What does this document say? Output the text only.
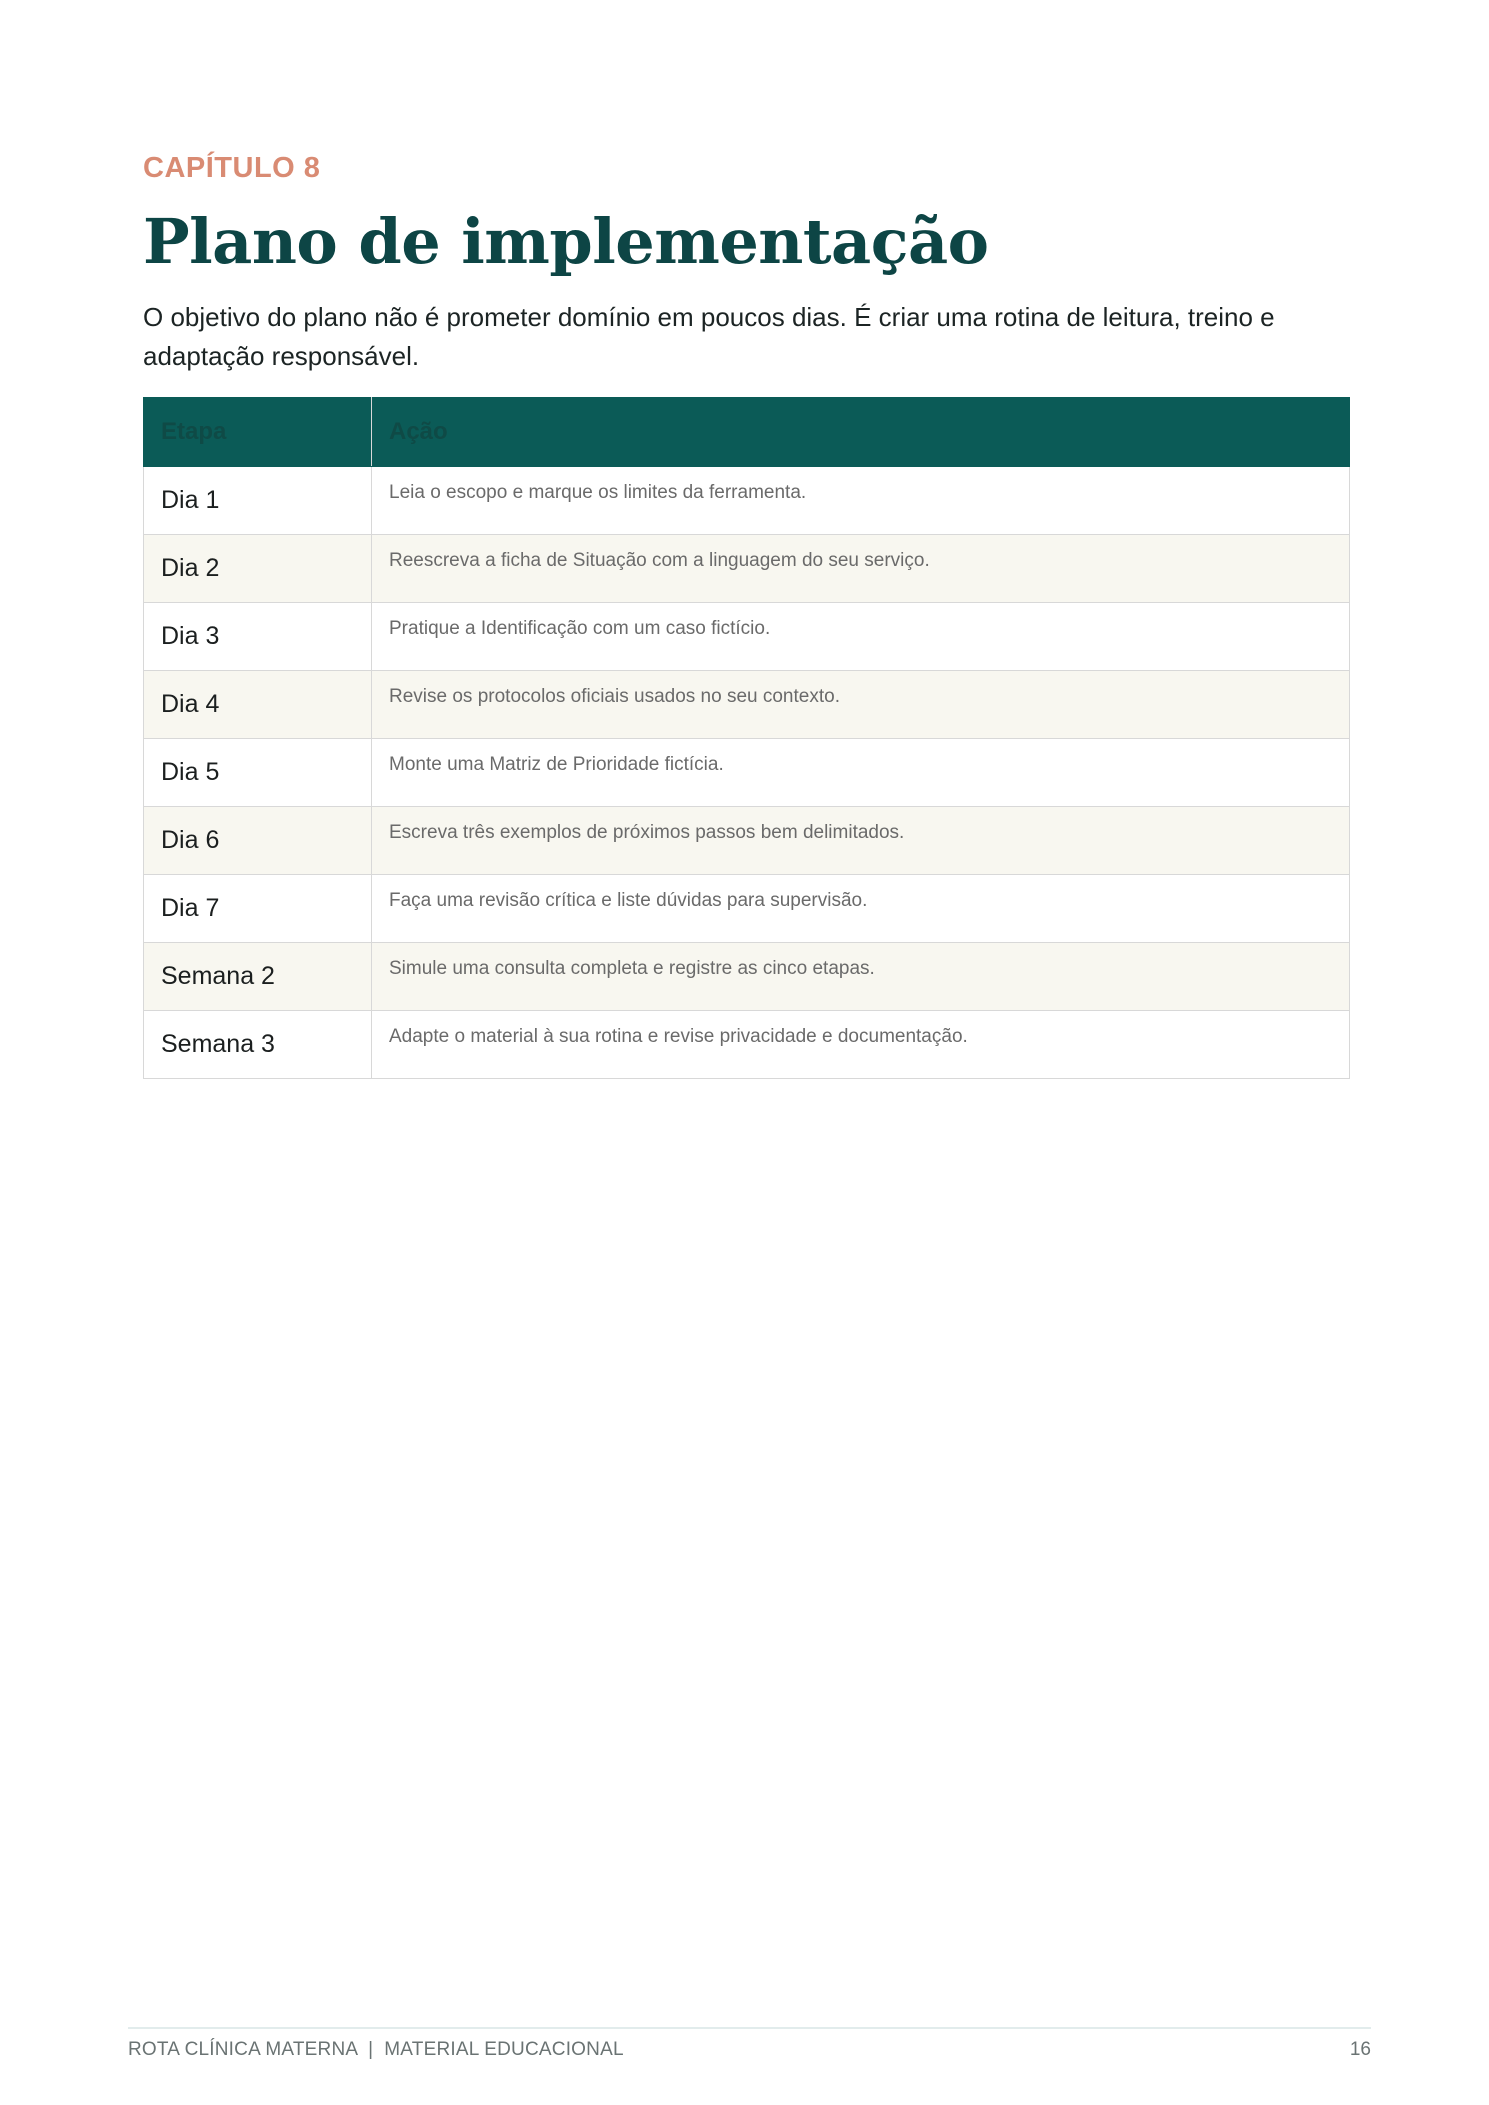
CAPÍTULO 8
Plano de implementação

O objetivo do plano não é prometer domínio em poucos dias. É criar uma rotina de leitura, treino e adaptação responsável.

Etapa	Ação
Dia 1	Leia o escopo e marque os limites da ferramenta.
Dia 2	Reescreva a ficha de Situação com a linguagem do seu serviço.
Dia 3	Pratique a Identificação com um caso fictício.
Dia 4	Revise os protocolos oficiais usados no seu contexto.
Dia 5	Monte uma Matriz de Prioridade fictícia.
Dia 6	Escreva três exemplos de próximos passos bem delimitados.
Dia 7	Faça uma revisão crítica e liste dúvidas para supervisão.
Semana 2	Simule uma consulta completa e registre as cinco etapas.
Semana 3	Adapte o material à sua rotina e revise privacidade e documentação.
ROTA CLÍNICA MATERNA  |  MATERIAL EDUCACIONAL	16
